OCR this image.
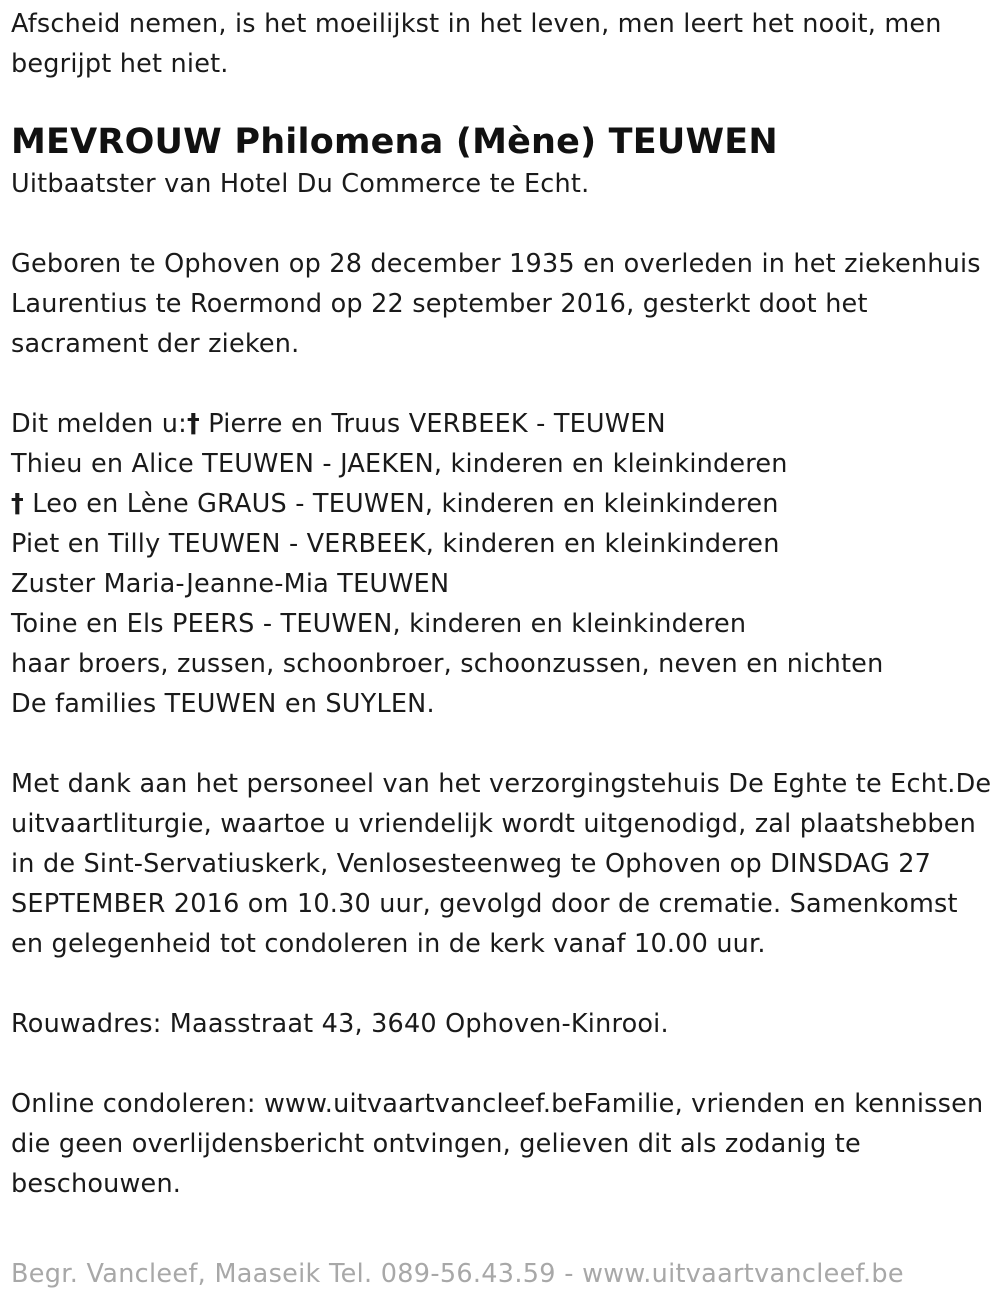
Afscheid nemen, is het moeilijkst in het leven, men leert het nooit, men begrijpt het niet.

MEVROUW Philomena (Mène) TEUWEN

Uitbaatster van Hotel Du Commerce te Echt.

Geboren te Ophoven op 28 december 1935 en overleden in het ziekenhuis Laurentius te Roermond op 22 september 2016, gesterkt doot het sacrament der zieken.

Dit melden u:† Pierre en Truus VERBEEK - TEUWEN

Thieu en Alice TEUWEN - JAEKEN, kinderen en kleinkinderen

† Leo en Lène GRAUS - TEUWEN, kinderen en kleinkinderen

Piet en Tilly TEUWEN - VERBEEK, kinderen en kleinkinderen

Zuster Maria-Jeanne-Mia TEUWEN

Toine en Els PEERS - TEUWEN, kinderen en kleinkinderen

haar broers, zussen, schoonbroer, schoonzussen, neven en nichten

De families TEUWEN en SUYLEN.

Met dank aan het personeel van het verzorgingstehuis De Eghte te Echt.De uitvaartliturgie, waartoe u vriendelijk wordt uitgenodigd, zal plaatshebben in de Sint-Servatiuskerk, Venlosesteenweg te Ophoven op DINSDAG 27 SEPTEMBER 2016 om 10.30 uur, gevolgd door de crematie. Samenkomst en gelegenheid tot condoleren in de kerk vanaf 10.00 uur.

Rouwadres: Maasstraat 43, 3640 Ophoven-Kinrooi.

Online condoleren: www.uitvaartvancleef.beFamilie, vrienden en kennissen die geen overlijdensbericht ontvingen, gelieven dit als zodanig te beschouwen.

Begr. Vancleef, Maaseik Tel. 089-56.43.59 - www.uitvaartvancleef.be
